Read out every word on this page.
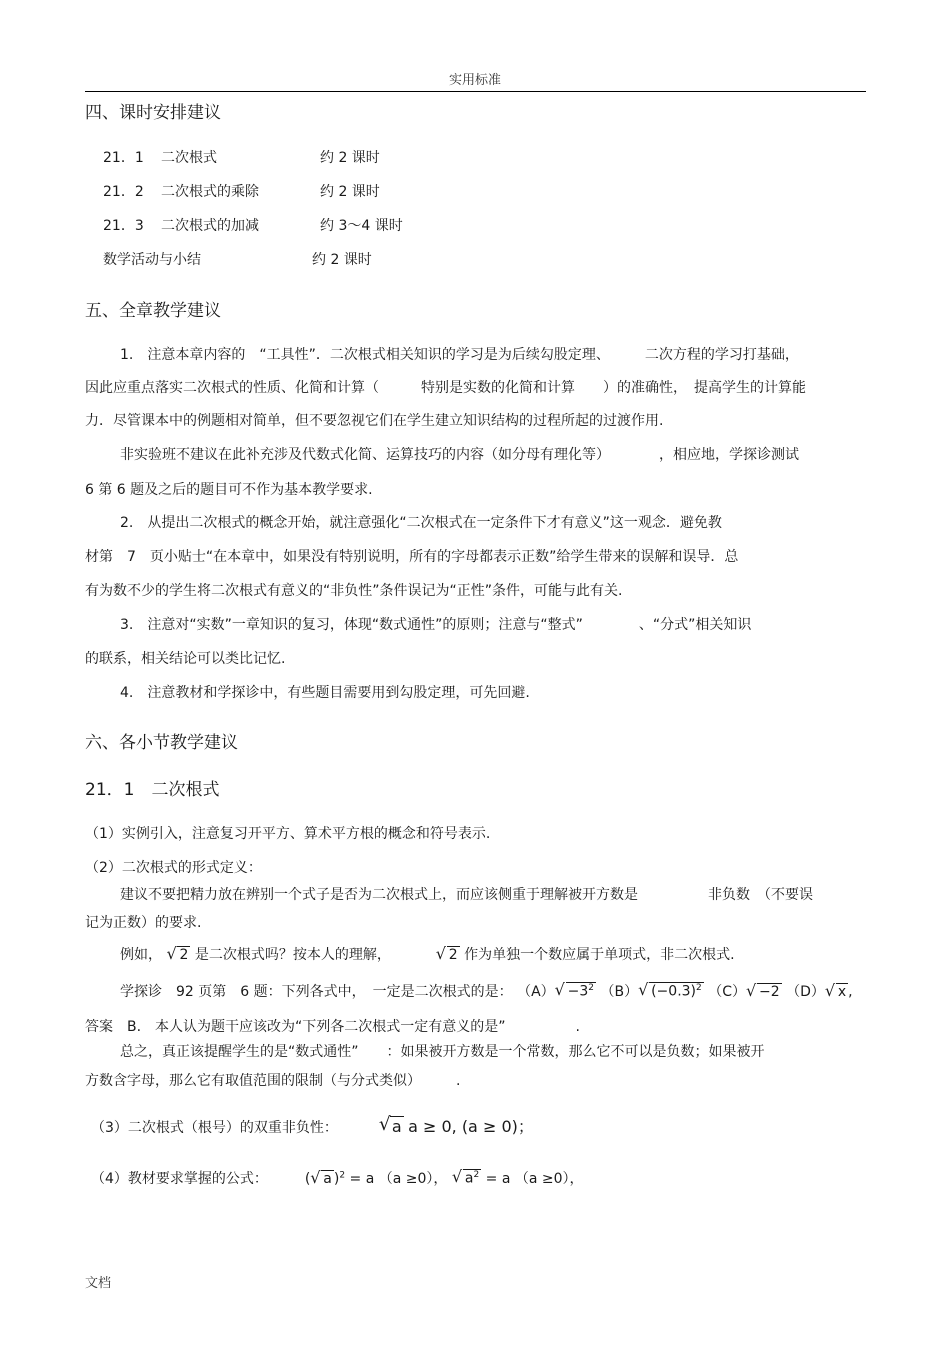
实用标准
四、课时安排建议
21．1 二次根式	约 2 课时
21．2 二次根式的乘除	约 2 课时
21．3 二次根式的加减	约 3～4 课时
数学活动与小结	约 2 课时
五、全章教学建议
1.　注意本章内容的　“工具性”．二次根式相关知识的学习是为后续勾股定理、　　　二次方程的学习打基础，
因此应重点落实二次根式的性质、化简和计算（　　　特别是实数的化简和计算　　）的准确性，　提高学生的计算能
力．尽管课本中的例题相对简单，但不要忽视它们在学生建立知识结构的过程所起的过渡作用.
非实验班不建议在此补充涉及代数式化简、运算技巧的内容（如分母有理化等）　　　　，相应地，学探诊测试
6 第 6 题及之后的题目可不作为基本教学要求.
2.　从提出二次根式的概念开始，就注意强化“二次根式在一定条件下才有意义”这一观念．避免教
材第　7　页小贴士“在本章中，如果没有特别说明，所有的字母都表示正数”给学生带来的误解和误导．总
有为数不少的学生将二次根式有意义的“非负性”条件误记为“正性”条件，可能与此有关.
3.　注意对“实数”一章知识的复习，体现“数式通性”的原则；注意与“整式”　　　　、“分式”相关知识
的联系，相关结论可以类比记忆.
4.　注意教材和学探诊中，有些题目需要用到勾股定理，可先回避.
六、各小节教学建议
21．1　二次根式
（1）实例引入，注意复习开平方、算术平方根的概念和符号表示.
（2）二次根式的形式定义：
建议不要把精力放在辨别一个式子是否为二次根式上，而应该侧重于理解被开方数是　　　　　非负数　（不要误
记为正数）的要求.
例如， √ 2 是二次根式吗？按本人的理解，	√ 2 作为单独一个数应属于单项式，非二次根式.
学探诊　92 页第　6 题：下列各式中，　一定是二次根式的是： （A） √ $-3^2$ （B） √ $(-0.3)^2$ （C） √ −2 （D） √ x ,
答案　B.　本人认为题干应该改为“下列各二次根式一定有意义的是”　　　　　.
总之，真正该提醒学生的是“数式通性”　　：如果被开方数是一个常数，那么它不可以是负数；如果被开
方数含字母，那么它有取值范围的限制（与分式类似）　　　.
（3）二次根式（根号）的双重非负性： √ a a ≥ 0, (a ≥ 0)；
（4）教材要求掌握的公式：	( √ a )$^2$ = a （a ≥0）， √ $a^2 = a$ （a ≥0），
文档
